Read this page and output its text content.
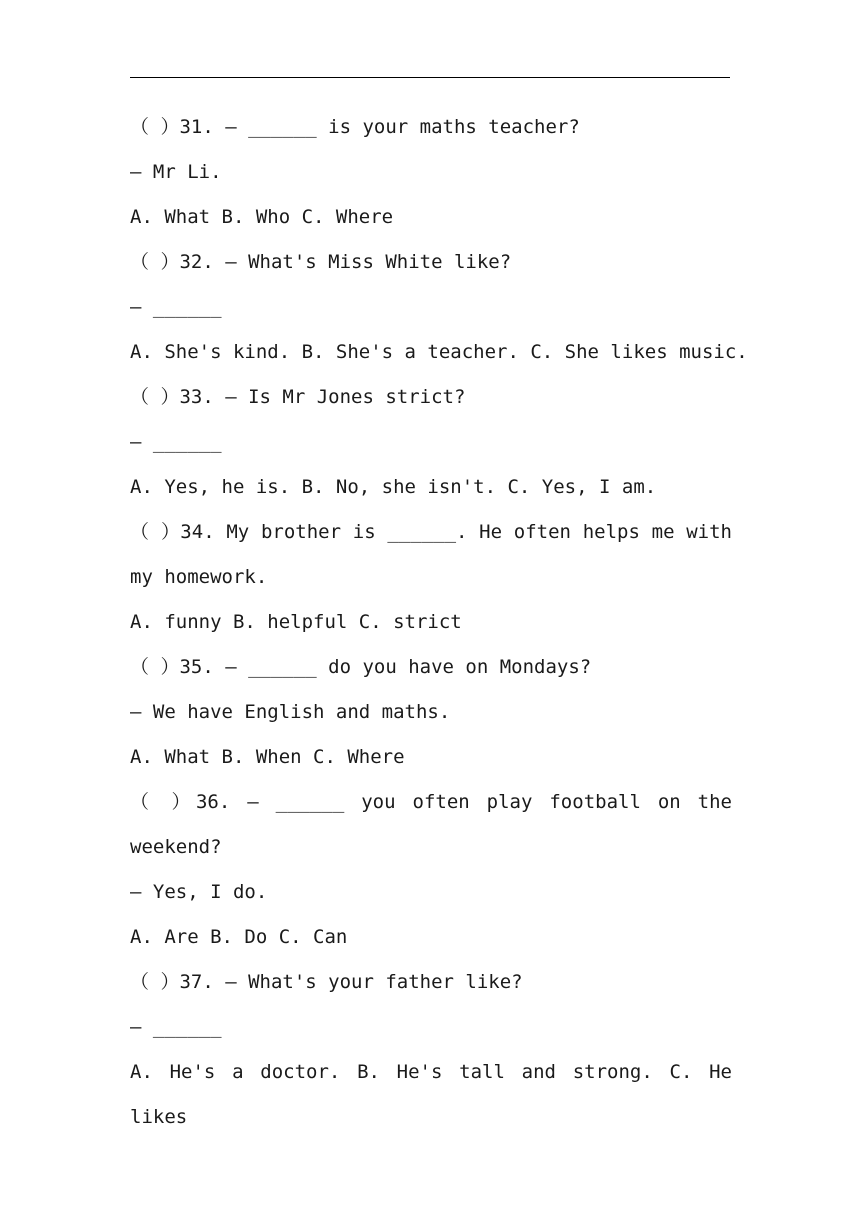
（ ）31. — ______ is your maths teacher?
— Mr Li.
A. What B. Who C. Where
（ ）32. — What's Miss White like?
— ______
A. She's kind. B. She's a teacher. C. She likes music.
（ ）33. — Is Mr Jones strict?
— ______
A. Yes, he is. B. No, she isn't. C. Yes, I am.
（ ）34. My brother is ______. He often helps me with
my homework.
A. funny B. helpful C. strict
（ ）35. — ______ do you have on Mondays?
— We have English and maths.
A. What B. When C. Where
（ ）36. — ______ you often play football on the
weekend?
— Yes, I do.
A. Are B. Do C. Can
（ ）37. — What's your father like?
— ______
A. He's a doctor. B. He's tall and strong. C. He likes
